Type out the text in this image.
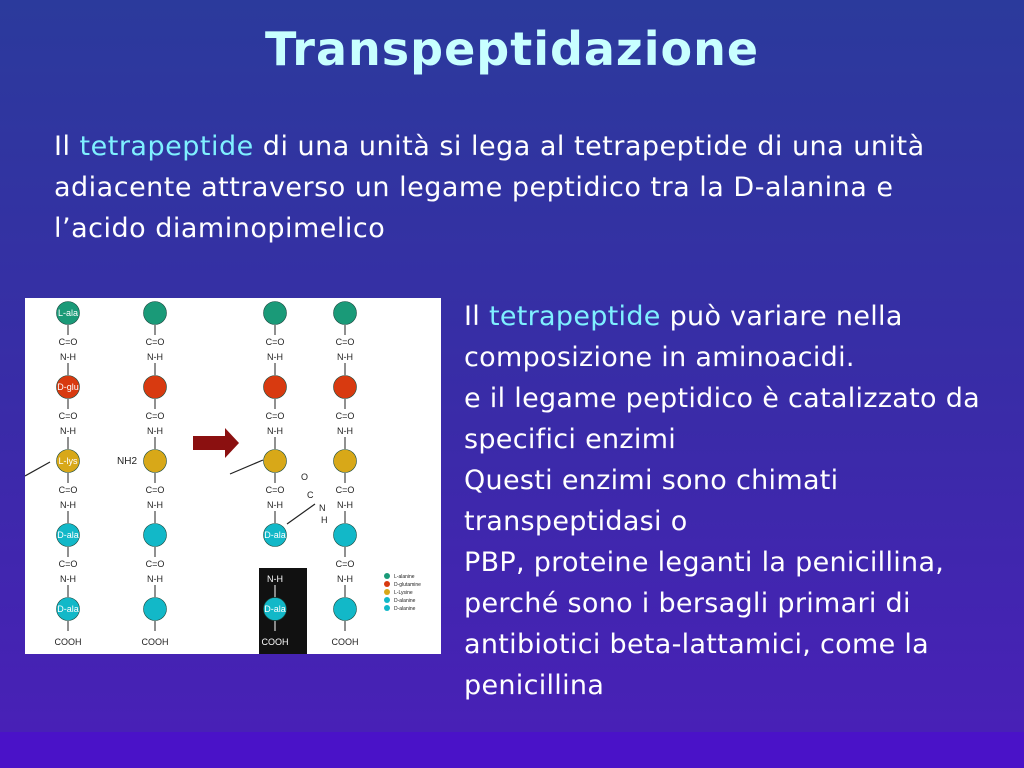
Transpeptidazione
Il tetrapeptide di una unità si lega al tetrapeptide di una unità adiacente attraverso un legame peptidico tra la D-alanina e l’acido diaminopimelico
NH2
O
C
N
H
C=O
N-H
C=O
N-H
C=O
N-H
C=O
N-H
L-ala
D-glu
L-lys
D-ala
D-ala
COOH
C=O
N-H
C=O
N-H
C=O
N-H
C=O
N-H
COOH
C=O
N-H
C=O
N-H
C=O
N-H
C=O
N-H
D-ala
D-ala
COOH
C=O
N-H
C=O
N-H
C=O
N-H
C=O
N-H
COOH
L-alanine
D-glutamine
L-Lysine
D-alanine
D-alanine
Il tetrapeptide può variare nella composizione in aminoacidi.
e il legame peptidico è catalizzato da specifici enzimi
Questi enzimi sono chimati transpeptidasi o
PBP, proteine leganti la penicillina, perché sono i bersagli primari di antibiotici beta-lattamici, come la penicillina
